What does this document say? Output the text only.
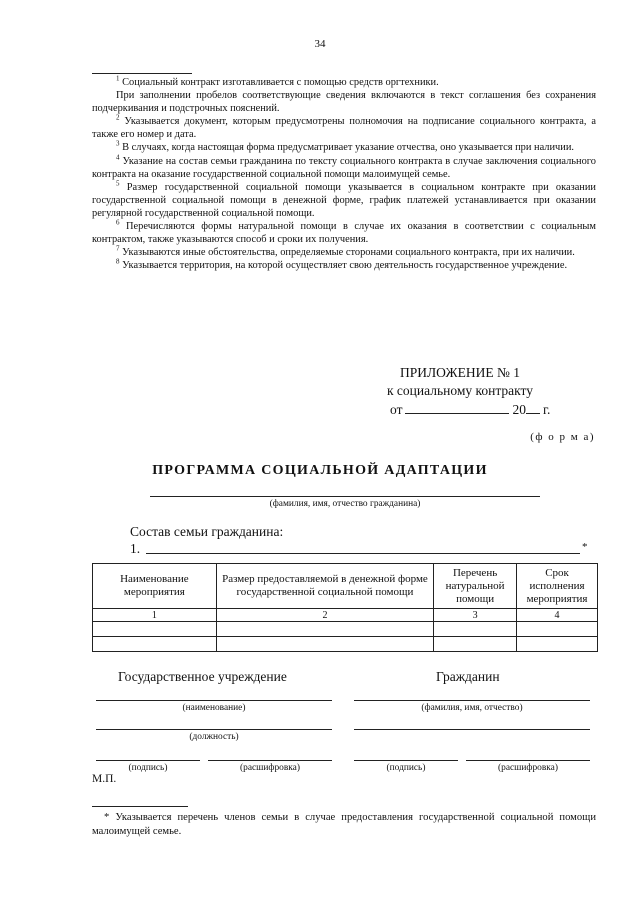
34

$^1$ Социальный контракт изготавливается с помощью средств оргтехники.

При заполнении пробелов соответствующие сведения включаются в текст соглашения без сохранения подчеркивания и подстрочных пояснений.

$^2$ Указывается документ, которым предусмотрены полномочия на подписание социального контракта, а также его номер и дата.

$^3$ В случаях, когда настоящая форма предусматривает указание отчества, оно указывается при наличии.

$^4$ Указание на состав семьи гражданина по тексту социального контракта в случае заключения социального контракта на оказание государственной социальной помощи малоимущей семье.

$^5$ Размер государственной социальной помощи указывается в социальном контракте при оказании государственной социальной помощи в денежной форме, график платежей устанавливается при оказании регулярной государственной социальной помощи.

$^6$ Перечисляются формы натуральной помощи в случае их оказания в соответствии с социальным контрактом, также указываются способ и сроки их получения.

$^7$ Указываются иные обстоятельства, определяемые сторонами социального контракта, при их наличии.

$^8$ Указывается территория, на которой осуществляет свою деятельность государственное учреждение.

ПРИЛОЖЕНИЕ № 1
к социальному контракту
от	20 г.
(ф о р м а)
ПРОГРАММА СОЦИАЛЬНОЙ АДАПТАЦИИ
(фамилия, имя, отчество гражданина)
Состав семьи гражданина:
1.	*
Наименование мероприятия	Размер предоставляемой в денежной форме государственной социальной помощи	Перечень натуральной помощи	Срок исполнения мероприятия
1	2	3	4

Государственное учреждение	Гражданин
(наименование)	(фамилия, имя, отчество)
(должность)
(подпись)	(расшифровка)	(подпись)	(расшифровка)
М.П.

* Указывается перечень членов семьи в случае предоставления государственной социальной помощи малоимущей семье.
